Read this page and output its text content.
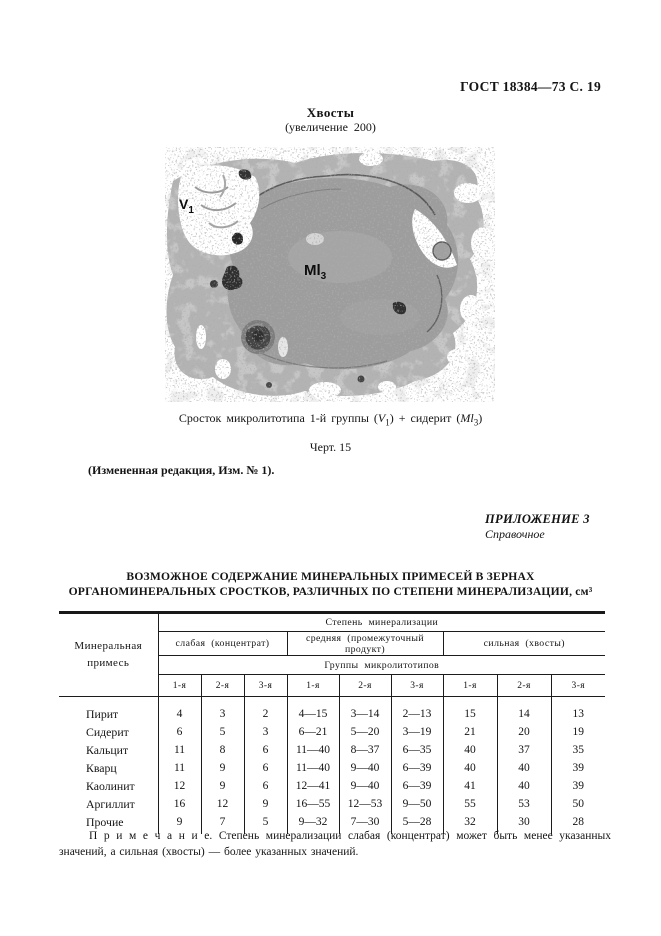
ГОСТ 18384—73 С. 19
Хвосты
(увеличение 200)
$V_1$
$Ml_3$
Сросток микролитотипа 1-й группы $(V_1)$ + сидерит $(Ml_3)$
Черт. 15
(Измененная редакция, Изм. № 1).
ПРИЛОЖЕНИЕ 3
Справочное
ВОЗМОЖНОЕ СОДЕРЖАНИЕ МИНЕРАЛЬНЫХ ПРИМЕСЕЙ В ЗЕРНАХ
ОРГАНОМИНЕРАЛЬНЫХ СРОСТКОВ, РАЗЛИЧНЫХ ПО СТЕПЕНИ МИНЕРАЛИЗАЦИИ, см³
Минеральная примесь	Степень минерализации								
	слабая (концентрат)			средняя (промежуточный продукт)			сильная (хвосты)		
	Группы микролитотипов								
	1-я	2-я	3-я	1-я	2-я	3-я	1-я	2-я	3-я
Пирит	4	3	2	4—15	3—14	2—13	15	14	13
Сидерит	6	5	3	6—21	5—20	3—19	21	20	19
Кальцит	11	8	6	11—40	8—37	6—35	40	37	35
Кварц	11	9	6	11—40	9—40	6—39	40	40	39
Каолинит	12	9	6	12—41	9—40	6—39	41	40	39
Аргиллит	16	12	9	16—55	12—53	9—50	55	53	50
Прочие	9	7	5	9—32	7—30	5—28	32	30	28
П р и м е ч а н и е. Степень минерализации слабая (концентрат) может быть менее указанных значений, а сильная (хвосты) — более указанных значений.
